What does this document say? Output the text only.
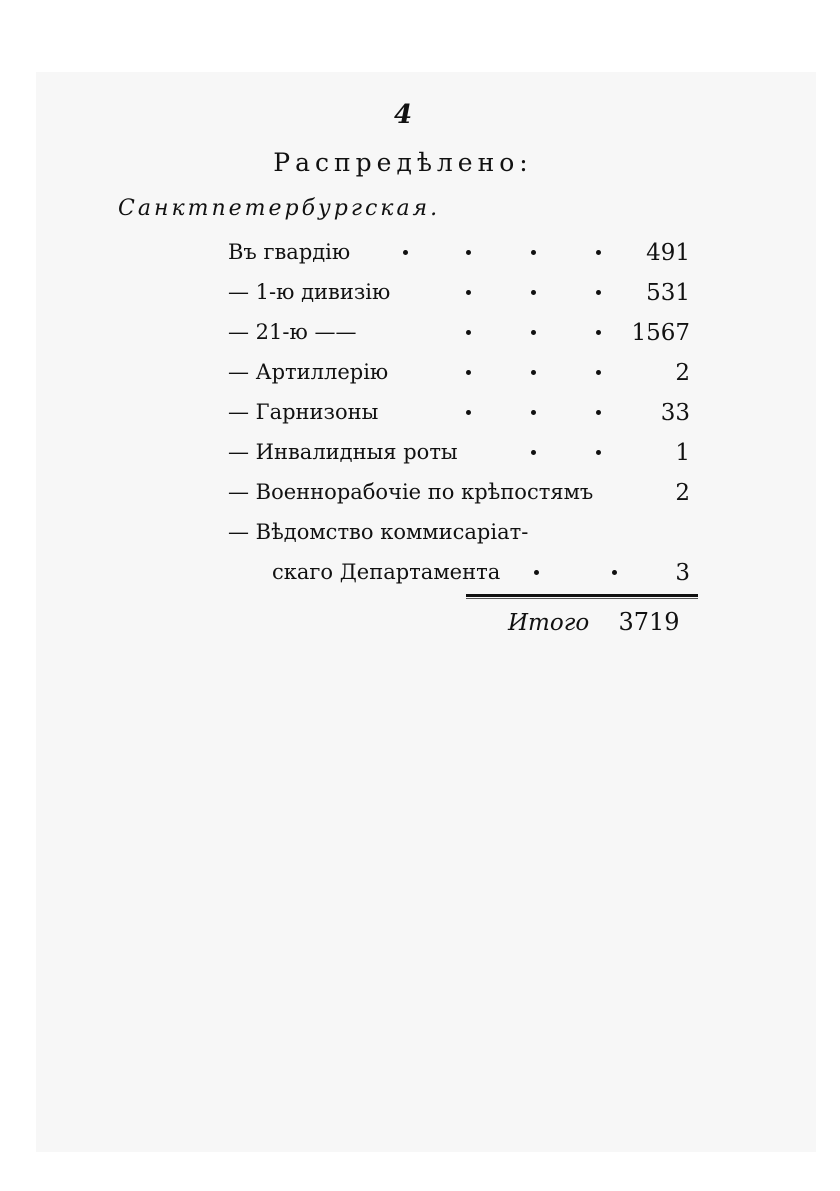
4
Распредѣлено:
Санктпетербургская.
Въ гвардію	491
— 1-ю дивизію	531
— 21-ю ——	1567
— Артиллерію	2
— Гарнизоны	33
— Инвалидныя роты	1
— Военнорабочіе по крѣпостямъ	2
— Вѣдомство коммисаріат-
скаго Департамента	3
Итого 3719
